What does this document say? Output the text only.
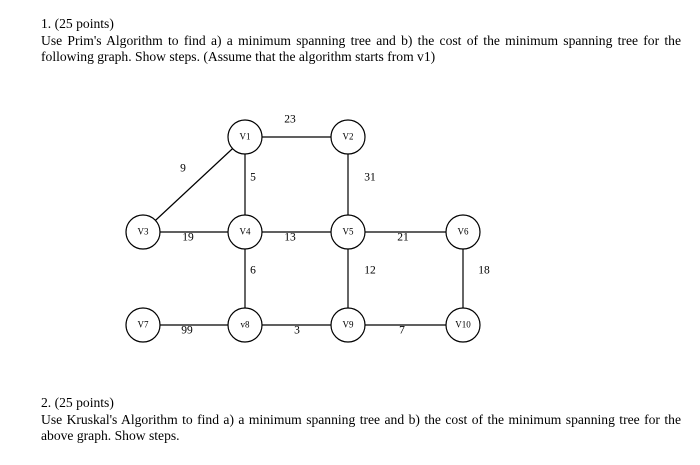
1. (25 points)
Use Prim's Algorithm to find a) a minimum spanning tree and b) the cost of the minimum spanning tree for the following graph. Show steps. (Assume that the algorithm starts from v1)
V1	V2
V3	V4	V5	V6
V7	v8	V9	V10
23
9
5	31
19	13	21
6	12	18
99	3	7
2. (25 points)
Use Kruskal's Algorithm to find a) a minimum spanning tree and b) the cost of the minimum spanning tree for the above graph. Show steps.
